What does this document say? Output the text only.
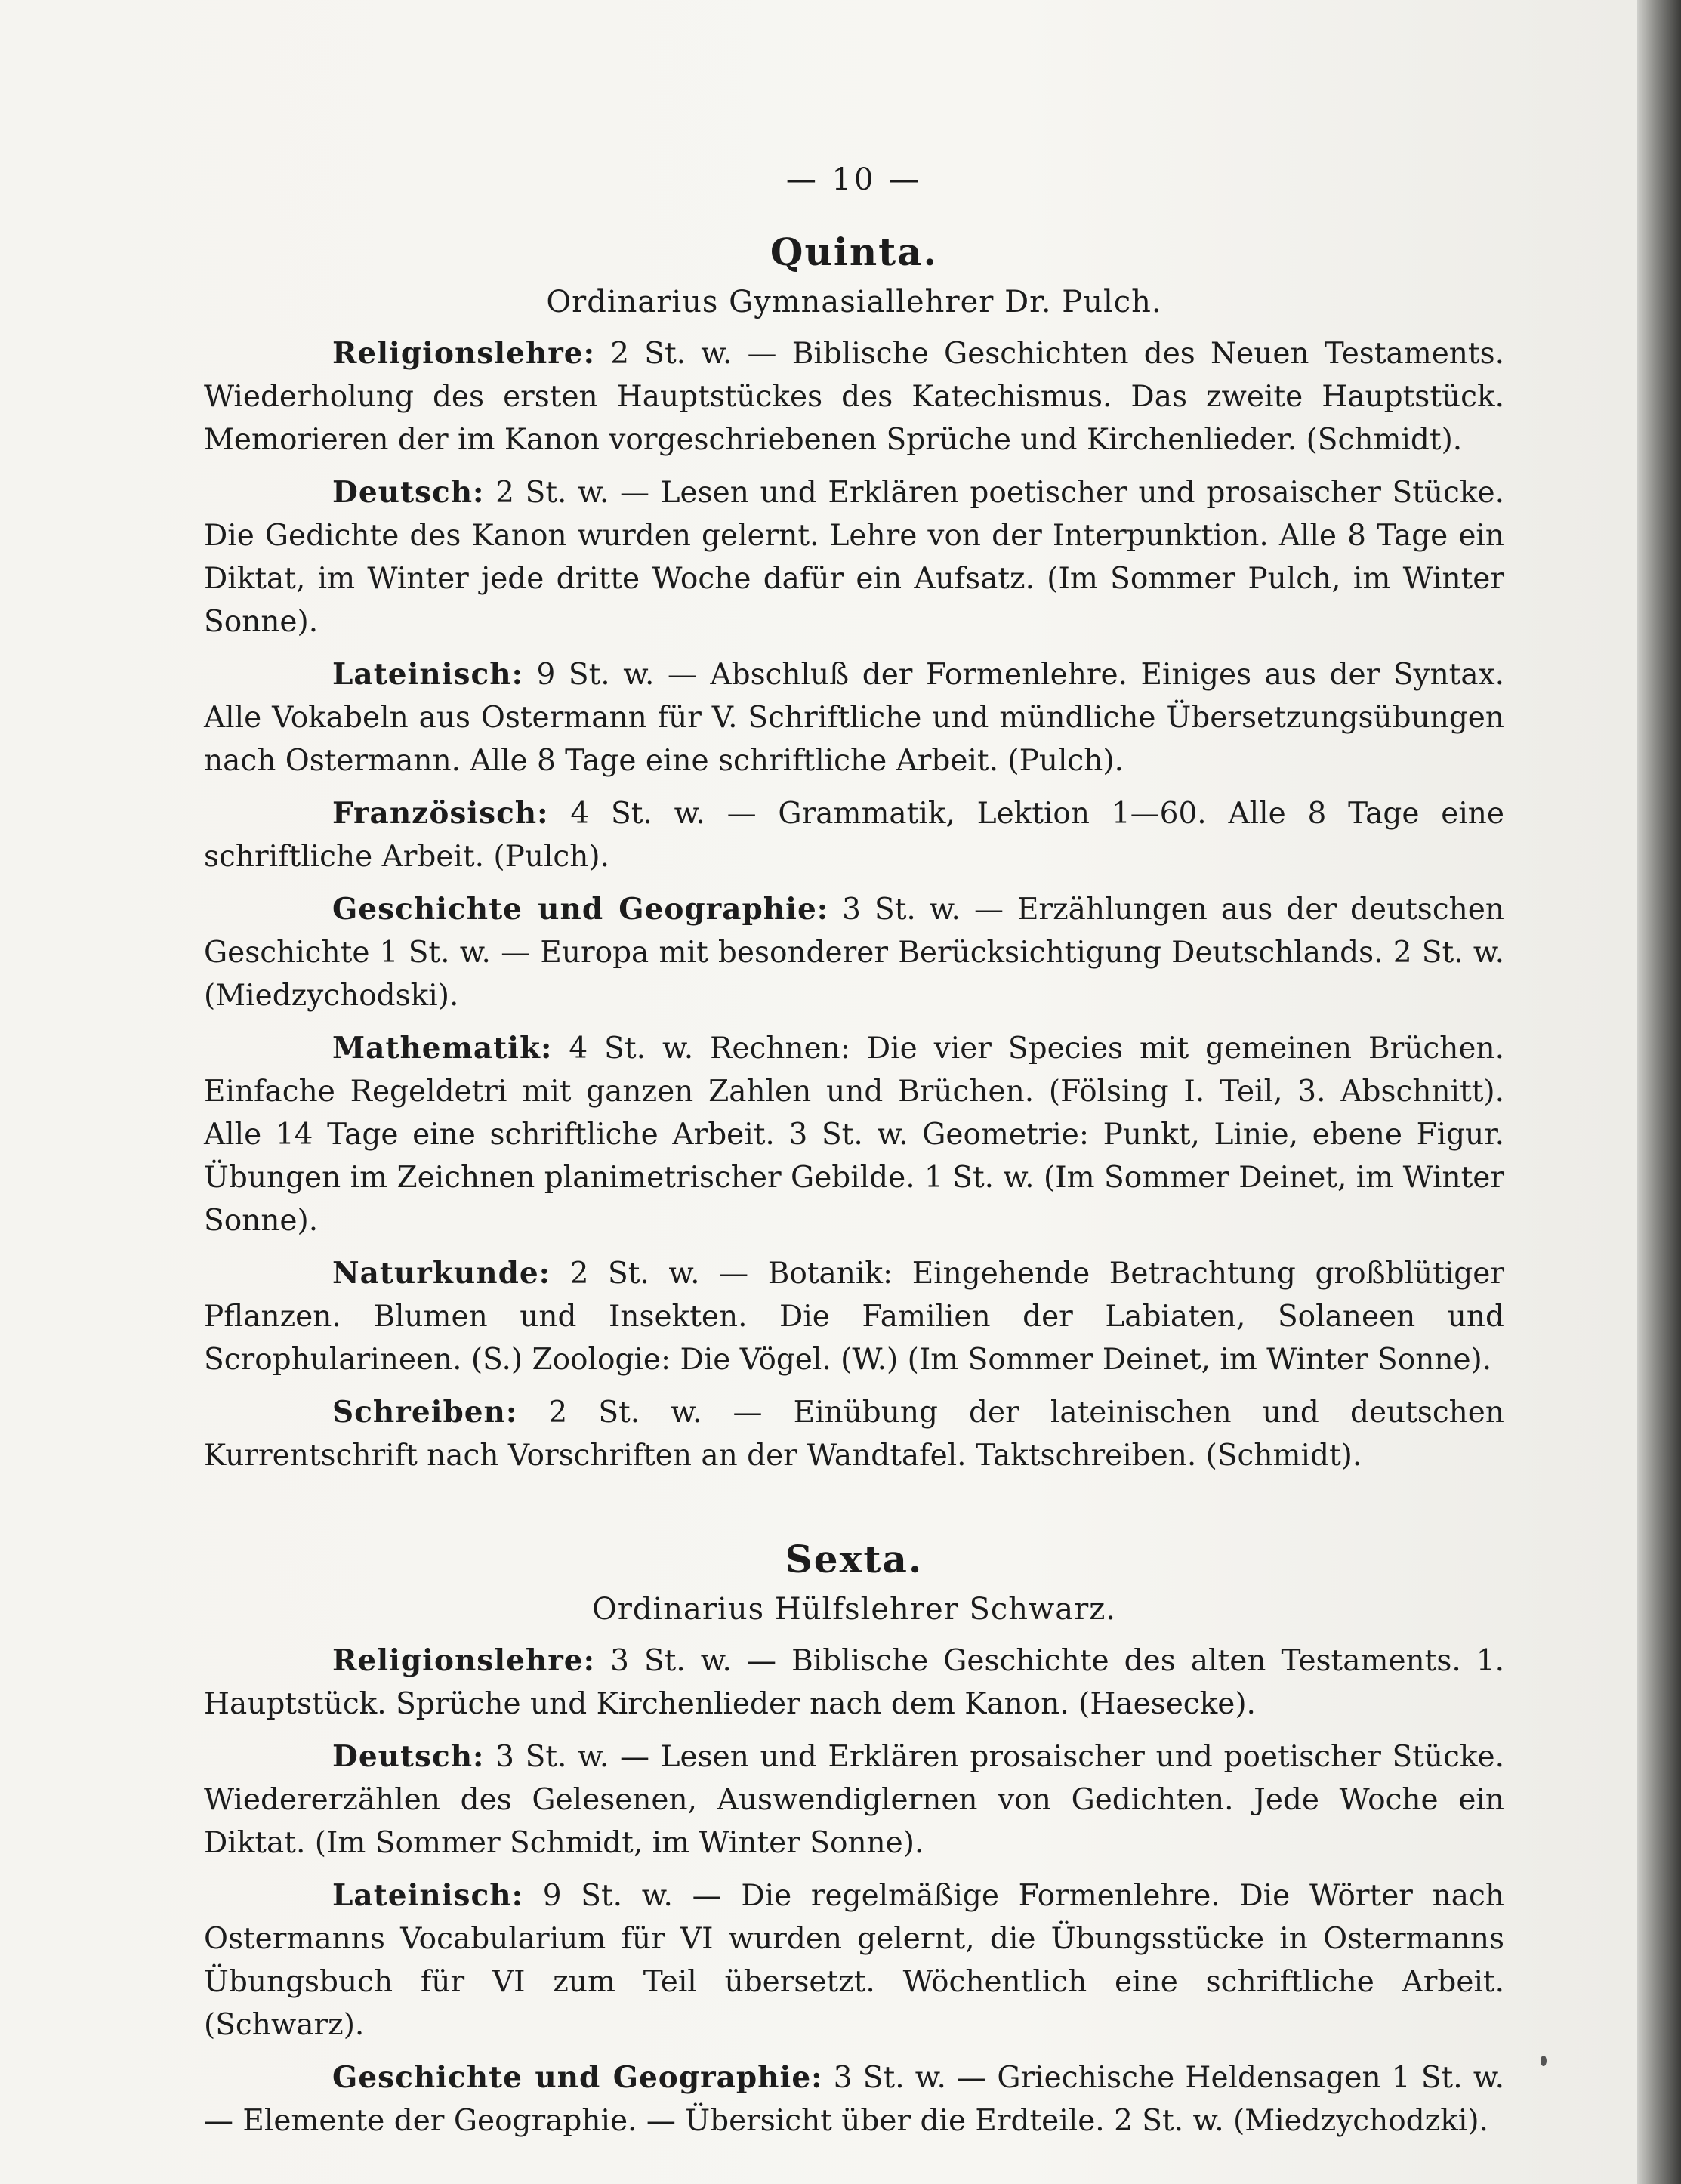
— 10 —
Quinta.
Ordinarius Gymnasiallehrer Dr. Pulch.

Religionslehre: 2 St. w. — Biblische Geschichten des Neuen Testaments. Wiederholung des ersten Hauptstückes des Katechismus. Das zweite Hauptstück. Memorieren der im Kanon vorgeschriebenen Sprüche und Kirchenlieder. (Schmidt).

Deutsch: 2 St. w. — Lesen und Erklären poetischer und prosaischer Stücke. Die Gedichte des Kanon wurden gelernt. Lehre von der Interpunktion. Alle 8 Tage ein Diktat, im Winter jede dritte Woche dafür ein Aufsatz. (Im Sommer Pulch, im Winter Sonne).

Lateinisch: 9 St. w. — Abschluß der Formenlehre. Einiges aus der Syntax. Alle Vokabeln aus Ostermann für V. Schriftliche und mündliche Übersetzungsübungen nach Ostermann. Alle 8 Tage eine schriftliche Arbeit. (Pulch).

Französisch: 4 St. w. — Grammatik, Lektion 1—60. Alle 8 Tage eine schriftliche Arbeit. (Pulch).

Geschichte und Geographie: 3 St. w. — Erzählungen aus der deutschen Geschichte 1 St. w. — Europa mit besonderer Berücksichtigung Deutschlands. 2 St. w. (Miedzychodski).

Mathematik: 4 St. w. Rechnen: Die vier Species mit gemeinen Brüchen. Einfache Regeldetri mit ganzen Zahlen und Brüchen. (Fölsing I. Teil, 3. Abschnitt). Alle 14 Tage eine schriftliche Arbeit. 3 St. w. Geometrie: Punkt, Linie, ebene Figur. Übungen im Zeichnen planimetrischer Gebilde. 1 St. w. (Im Sommer Deinet, im Winter Sonne).

Naturkunde: 2 St. w. — Botanik: Eingehende Betrachtung großblütiger Pflanzen. Blumen und Insekten. Die Familien der Labiaten, Solaneen und Scrophularineen. (S.) Zoologie: Die Vögel. (W.) (Im Sommer Deinet, im Winter Sonne).

Schreiben: 2 St. w. — Einübung der lateinischen und deutschen Kurrentschrift nach Vorschriften an der Wandtafel. Taktschreiben. (Schmidt).

Sexta.
Ordinarius Hülfslehrer Schwarz.

Religionslehre: 3 St. w. — Biblische Geschichte des alten Testaments. 1. Hauptstück. Sprüche und Kirchenlieder nach dem Kanon. (Haesecke).

Deutsch: 3 St. w. — Lesen und Erklären prosaischer und poetischer Stücke. Wiedererzählen des Gelesenen, Auswendiglernen von Gedichten. Jede Woche ein Diktat. (Im Sommer Schmidt, im Winter Sonne).

Lateinisch: 9 St. w. — Die regelmäßige Formenlehre. Die Wörter nach Ostermanns Vocabularium für VI wurden gelernt, die Übungsstücke in Ostermanns Übungsbuch für VI zum Teil übersetzt. Wöchentlich eine schriftliche Arbeit. (Schwarz).

Geschichte und Geographie: 3 St. w. — Griechische Heldensagen 1 St. w. — Elemente der Geographie. — Übersicht über die Erdteile. 2 St. w. (Miedzychodzki).
